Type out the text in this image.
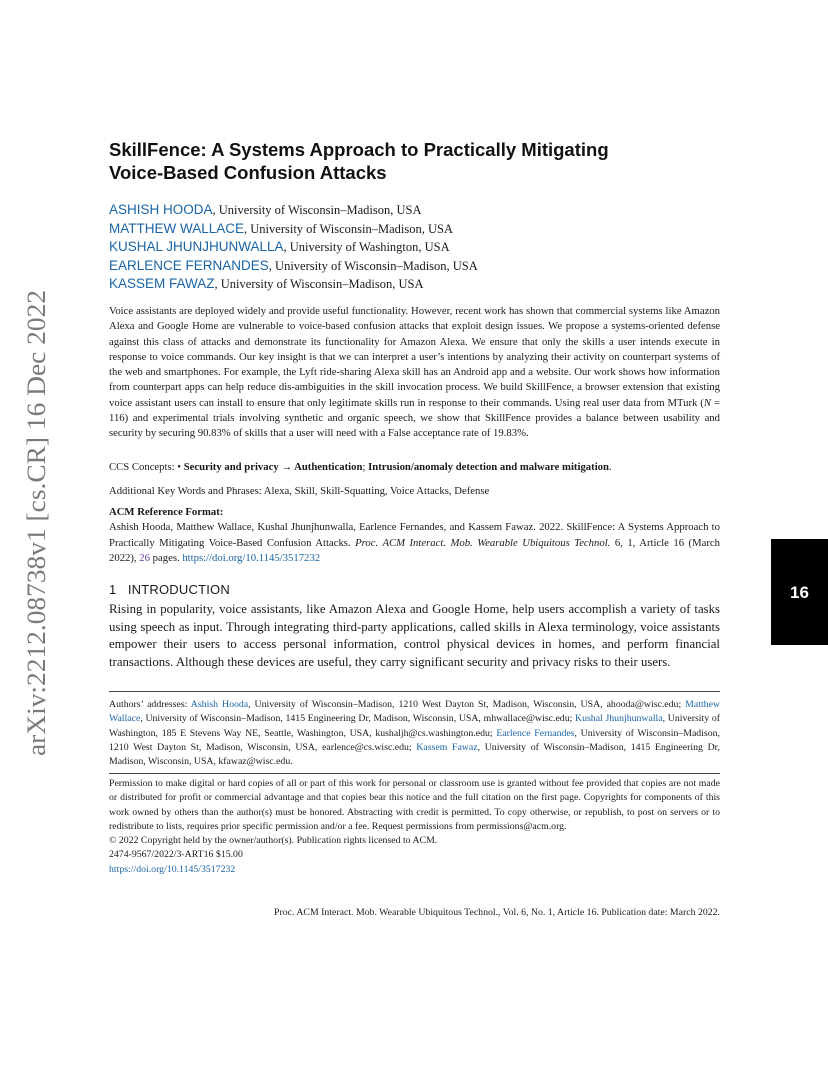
arXiv:2212.08738v1 [cs.CR] 16 Dec 2022	16
SkillFence: A Systems Approach to Practically Mitigating
Voice-Based Confusion Attacks
ASHISH HOODA, University of Wisconsin–Madison, USA
MATTHEW WALLACE, University of Wisconsin–Madison, USA
KUSHAL JHUNJHUNWALLA, University of Washington, USA
EARLENCE FERNANDES, University of Wisconsin–Madison, USA
KASSEM FAWAZ, University of Wisconsin–Madison, USA
Voice assistants are deployed widely and provide useful functionality. However, recent work has shown that commercial systems like Amazon Alexa and Google Home are vulnerable to voice-based confusion attacks that exploit design issues. We propose a systems-oriented defense against this class of attacks and demonstrate its functionality for Amazon Alexa. We ensure that only the skills a user intends execute in response to voice commands. Our key insight is that we can interpret a user’s intentions by analyzing their activity on counterpart systems of the web and smartphones. For example, the Lyft ride-sharing Alexa skill has an Android app and a website. Our work shows how information from counterpart apps can help reduce dis-ambiguities in the skill invocation process. We build SkillFence, a browser extension that existing voice assistant users can install to ensure that only legitimate skills run in response to their commands. Using real user data from MTurk (N = 116) and experimental trials involving synthetic and organic speech, we show that SkillFence provides a balance between usability and security by securing 90.83% of skills that a user will need with a False acceptance rate of 19.83%.
CCS Concepts: • Security and privacy → Authentication; Intrusion/anomaly detection and malware mitigation.
Additional Key Words and Phrases: Alexa, Skill, Skill-Squatting, Voice Attacks, Defense
ACM Reference Format:
Ashish Hooda, Matthew Wallace, Kushal Jhunjhunwalla, Earlence Fernandes, and Kassem Fawaz. 2022. SkillFence: A Systems Approach to Practically Mitigating Voice-Based Confusion Attacks. Proc. ACM Interact. Mob. Wearable Ubiquitous Technol. 6, 1, Article 16 (March 2022), 26 pages. https://doi.org/10.1145/3517232
1   INTRODUCTION
Rising in popularity, voice assistants, like Amazon Alexa and Google Home, help users accomplish a variety of tasks using speech as input. Through integrating third-party applications, called skills in Alexa terminology, voice assistants empower their users to access personal information, control physical devices in homes, and perform financial transactions. Although these devices are useful, they carry significant security and privacy risks to their users.
Authors’ addresses: Ashish Hooda, University of Wisconsin–Madison, 1210 West Dayton St, Madison, Wisconsin, USA, ahooda@wisc.edu; Matthew Wallace, University of Wisconsin–Madison, 1415 Engineering Dr, Madison, Wisconsin, USA, mhwallace@wisc.edu; Kushal Jhunjhunwalla, University of Washington, 185 E Stevens Way NE, Seattle, Washington, USA, kushaljh@cs.washington.edu; Earlence Fernandes, University of Wisconsin–Madison, 1210 West Dayton St, Madison, Wisconsin, USA, earlence@cs.wisc.edu; Kassem Fawaz, University of Wisconsin–Madison, 1415 Engineering Dr, Madison, Wisconsin, USA, kfawaz@wisc.edu.
Permission to make digital or hard copies of all or part of this work for personal or classroom use is granted without fee provided that copies are not made or distributed for profit or commercial advantage and that copies bear this notice and the full citation on the first page. Copyrights for components of this work owned by others than the author(s) must be honored. Abstracting with credit is permitted. To copy otherwise, or republish, to post on servers or to redistribute to lists, requires prior specific permission and/or a fee. Request permissions from permissions@acm.org.
© 2022 Copyright held by the owner/author(s). Publication rights licensed to ACM.
2474-9567/2022/3-ART16 $15.00
https://doi.org/10.1145/3517232
Proc. ACM Interact. Mob. Wearable Ubiquitous Technol., Vol. 6, No. 1, Article 16. Publication date: March 2022.
